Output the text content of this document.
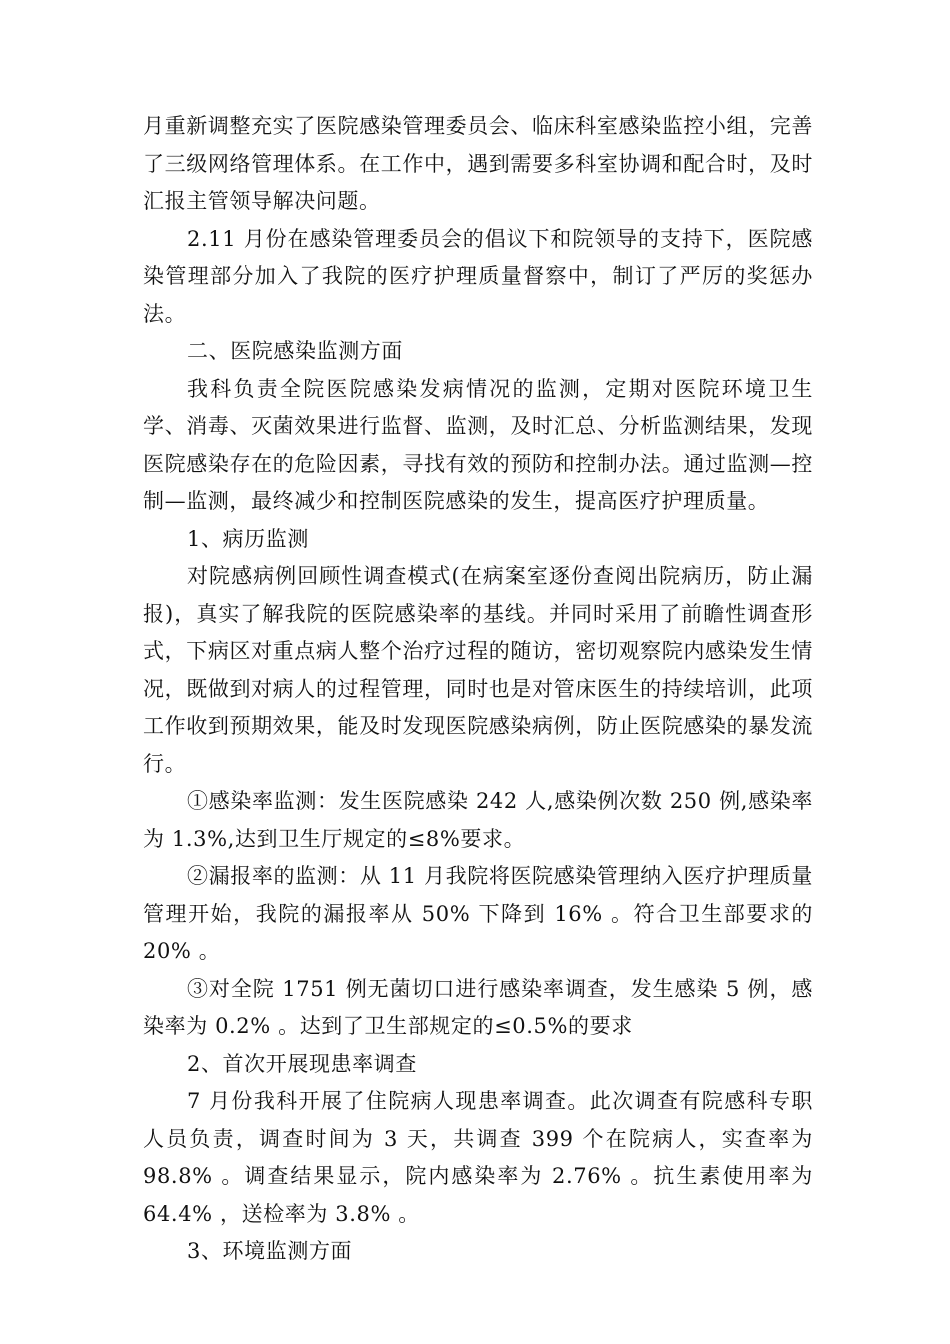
月重新调整充实了医院感染管理委员会、临床科室感染监控小组，完善了三级网络管理体系。在工作中，遇到需要多科室协调和配合时，及时汇报主管领导解决问题。

2.11 月份在感染管理委员会的倡议下和院领导的支持下，医院感染管理部分加入了我院的医疗护理质量督察中，制订了严厉的奖惩办法。

二、医院感染监测方面

我科负责全院医院感染发病情况的监测，定期对医院环境卫生学、消毒、灭菌效果进行监督、监测，及时汇总、分析监测结果，发现医院感染存在的危险因素，寻找有效的预防和控制办法。通过监测—控制—监测，最终减少和控制医院感染的发生，提高医疗护理质量。

1、病历监测

对院感病例回顾性调查模式(在病案室逐份查阅出院病历，防止漏报)，真实了解我院的医院感染率的基线。并同时采用了前瞻性调查形式，下病区对重点病人整个治疗过程的随访，密切观察院内感染发生情况，既做到对病人的过程管理，同时也是对管床医生的持续培训，此项工作收到预期效果，能及时发现医院感染病例，防止医院感染的暴发流行。

①感染率监测：发生医院感染 242 人,感染例次数 250 例,感染率为 1.3%,达到卫生厅规定的≤8%要求。

②漏报率的监测：从 11 月我院将医院感染管理纳入医疗护理质量管理开始，我院的漏报率从 50% 下降到 16% 。符合卫生部要求的 20% 。

③对全院 1751 例无菌切口进行感染率调查，发生感染 5 例，感染率为 0.2% 。达到了卫生部规定的≤0.5%的要求

2、首次开展现患率调查

7 月份我科开展了住院病人现患率调查。此次调查有院感科专职人员负责，调查时间为 3 天，共调查 399 个在院病人，实查率为 98.8% 。调查结果显示，院内感染率为 2.76% 。抗生素使用率为 64.4% ，送检率为 3.8% 。

3、环境监测方面
